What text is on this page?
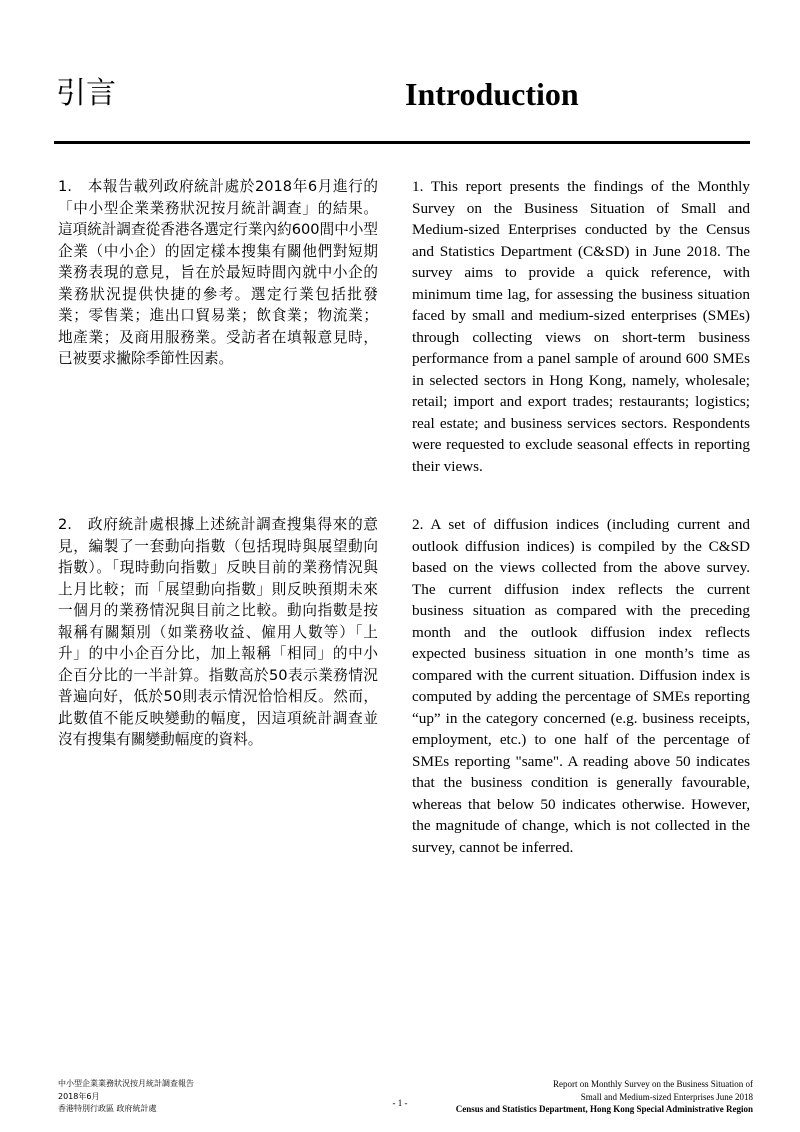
引言	Introduction

1.　本報告載列政府統計處於2018年6月進行的「中小型企業業務狀況按月統計調查」的結果。這項統計調查從香港各選定行業內約600間中小型企業（中小企）的固定樣本搜集有關他們對短期業務表現的意見，旨在於最短時間內就中小企的業務狀況提供快捷的參考。選定行業包括批發業；零售業；進出口貿易業；飲食業；物流業；地產業；及商用服務業。受訪者在填報意見時，已被要求撇除季節性因素。

1. This report presents the findings of the Monthly Survey on the Business Situation of Small and Medium-sized Enterprises conducted by the Census and Statistics Department (C&SD) in June 2018. The survey aims to provide a quick reference, with minimum time lag, for assessing the business situation faced by small and medium-sized enterprises (SMEs) through collecting views on short-term business performance from a panel sample of around 600 SMEs in selected sectors in Hong Kong, namely, wholesale; retail; import and export trades; restaurants; logistics; real estate; and business services sectors. Respondents were requested to exclude seasonal effects in reporting their views.

2.　政府統計處根據上述統計調查搜集得來的意見，編製了一套動向指數（包括現時與展望動向指數）。「現時動向指數」反映目前的業務情況與上月比較；而「展望動向指數」則反映預期未來一個月的業務情況與目前之比較。動向指數是按報稱有關類別（如業務收益、僱用人數等）「上升」的中小企百分比，加上報稱「相同」的中小企百分比的一半計算。指數高於50表示業務情況普遍向好，低於50則表示情況恰恰相反。然而，此數值不能反映變動的幅度，因這項統計調查並沒有搜集有關變動幅度的資料。

2. A set of diffusion indices (including current and outlook diffusion indices) is compiled by the C&SD based on the views collected from the above survey. The current diffusion index reflects the current business situation as compared with the preceding month and the outlook diffusion index reflects expected business situation in one month’s time as compared with the current situation. Diffusion index is computed by adding the percentage of SMEs reporting “up” in the category concerned (e.g. business receipts, employment, etc.) to one half of the percentage of SMEs reporting "same". A reading above 50 indicates that the business condition is generally favourable, whereas that below 50 indicates otherwise. However, the magnitude of change, which is not collected in the survey, cannot be inferred.

中小型企業業務狀況按月統計調查報告
2018年6月
香港特別行政區 政府統計處
- 1 -
Report on Monthly Survey on the Business Situation of
Small and Medium-sized Enterprises June 2018
Census and Statistics Department, Hong Kong Special Administrative Region
